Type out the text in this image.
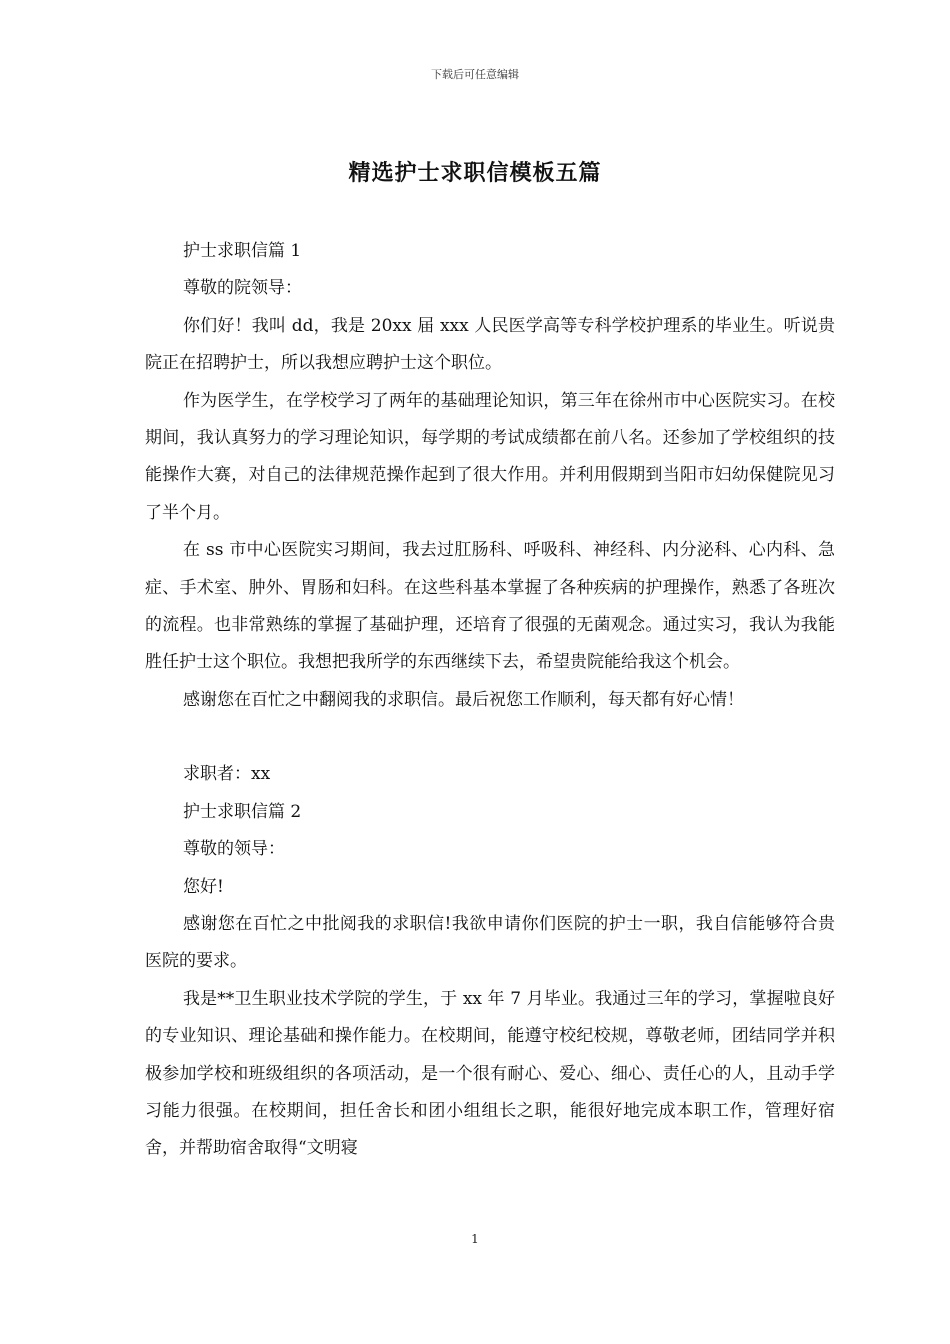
下载后可任意编辑
精选护士求职信模板五篇

护士求职信篇 1

尊敬的院领导：

你们好！我叫 dd，我是 20xx 届 xxx 人民医学高等专科学校护理系的毕业生。听说贵院正在招聘护士，所以我想应聘护士这个职位。

作为医学生，在学校学习了两年的基础理论知识，第三年在徐州市中心医院实习。在校期间，我认真努力的学习理论知识，每学期的考试成绩都在前八名。还参加了学校组织的技能操作大赛，对自己的法律规范操作起到了很大作用。并利用假期到当阳市妇幼保健院见习了半个月。

在 ss 市中心医院实习期间，我去过肛肠科、呼吸科、神经科、内分泌科、心内科、急症、手术室、肿外、胃肠和妇科。在这些科基本掌握了各种疾病的护理操作，熟悉了各班次的流程。也非常熟练的掌握了基础护理，还培育了很强的无菌观念。通过实习，我认为我能胜任护士这个职位。我想把我所学的东西继续下去，希望贵院能给我这个机会。

感谢您在百忙之中翻阅我的求职信。最后祝您工作顺利，每天都有好心情！

求职者：xx

护士求职信篇 2

尊敬的领导：

您好!

感谢您在百忙之中批阅我的求职信!我欲申请你们医院的护士一职，我自信能够符合贵医院的要求。

我是**卫生职业技术学院的学生，于 xx 年 7 月毕业。我通过三年的学习，掌握啦良好的专业知识、理论基础和操作能力。在校期间，能遵守校纪校规，尊敬老师，团结同学并积极参加学校和班级组织的各项活动，是一个很有耐心、爱心、细心、责任心的人，且动手学习能力很强。在校期间，担任舍长和团小组组长之职，能很好地完成本职工作，管理好宿舍，并帮助宿舍取得“文明寝

1
